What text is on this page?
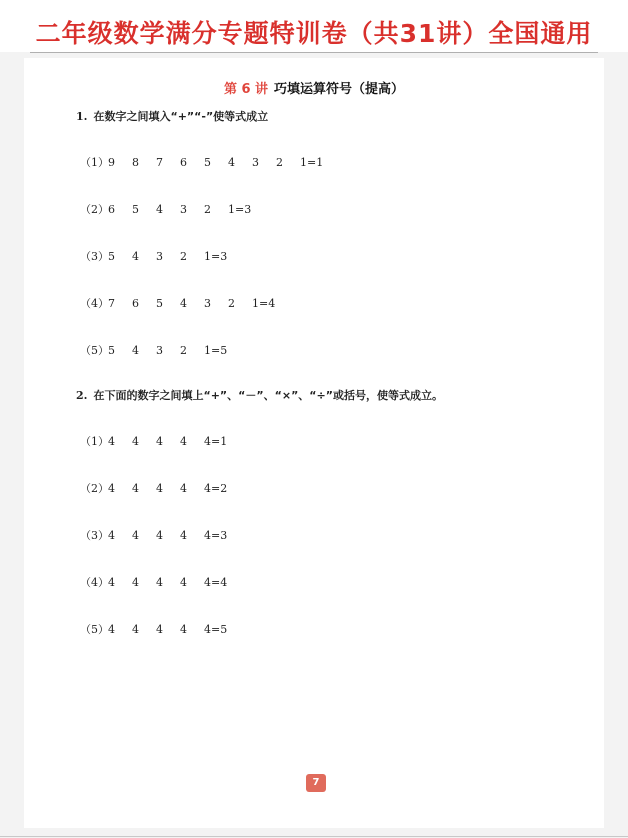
二年级数学满分专题特训卷（共31讲）全国通用
第 6 讲 巧填运算符号（提高）
1. 在数字之间填入“+”“-”使等式成立
（1） 9	8	7	6	5	4	3	2	1=1
（2） 6	5	4	3	2	1=3
（3） 5	4	3	2	1=3
（4） 7	6	5	4	3	2	1=4
（5） 5	4	3	2	1=5
2. 在下面的数字之间填上“+”、“－”、“×”、“÷”或括号，使等式成立。
（1） 4	4	4	4	4=1
（2） 4	4	4	4	4=2
（3） 4	4	4	4	4=3
（4） 4	4	4	4	4=4
（5） 4	4	4	4	4=5
7
